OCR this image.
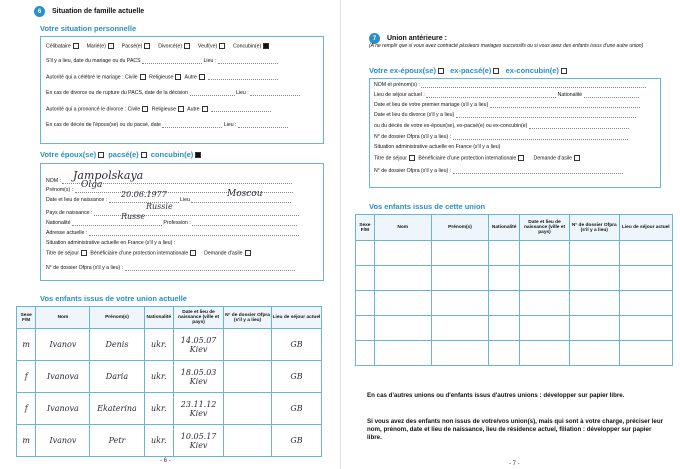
6	Situation de famille actuelle
Votre situation personnelle
Célibataire	Marié(e)	Pacsé(e)	Divorcé(e)	Veuf(ve)	Concubin(e)
S'il y a lieu, date du mariage ou du PACS	Lieu :
Autorité qui a célébré le mariage : Civile Religieuse Autre
En cas de divorce ou de rupture du PACS, date de la décision	Lieu :
Autorité qui a prononcé le divorce : Civile Religieuse Autre
En cas de décès de l'époux(se) ou du pacsé, date	Lieu :
Votre époux(se) pacsé(e) concubin(e)
NOM :
Prénom(s) :
Date et lieu de naissance :	Lieu
Pays de naissance :
Nationalité	Profession :
Adresse actuelle :
Situation administrative actuelle en France (s'il y a lieu) :
Titre de séjour Bénéficiaire d'une protection internationale	Demande d'asile
N° de dossier Ofpra (s'il y a lieu) :
Jampolskaya
Olga
20.06.1977	Moscou
Russie
Russe
Vos enfants issus de votre union actuelle
Sexe F/M	Nom	Prénom(s)	Nationalité	Date et lieu de naissance (ville et pays)	N° de dossier Ofpra (s'il y a lieu)	Lieu de séjour actuel
m	Ivanov	Denis	ukr.	14.05.07 Kiev		GB
f	Ivanova	Daria	ukr.	18.05.03 Kiev		GB
f	Ivanova	Ekaterina	ukr.	23.11.12 Kiev		GB
m	Ivanov	Petr	ukr.	10.05.17 Kiev		GB
- 6 -
7	Union antérieure :
(A ne remplir que si vous avez contracté plusieurs mariages successifs ou si vous avez des enfants issus d'une autre union)
Votre ex-époux(se) ex-pacsé(e) ex-concubin(e)
NOM et prénom(s) :
Lieu de séjour actuel :	Nationalité
Date et lieu de votre premier mariage (s'il y a lieu)
Date et lieu du divorce (s'il y a lieu)
ou du décès de votre ex-époux(se), ex-pacsé(e) ou ex-concubin(e)
N° de dossier Ofpra (s'il y a lieu) :
Situation administrative actuelle en France (s'il y a lieu)
Titre de séjour Bénéficiaire d'une protection internationale	Demande d'asile
N° de dossier Ofpra (s'il y a lieu) :
Vos enfants issus de cette union
Sexe F/M	Nom	Prénom(s)	Nationalité	Date et lieu de naissance (ville et pays)	N° de dossier Ofpra (s'il y a lieu)	Lieu de séjour actuel

En cas d'autres unions ou d'enfants issus d'autres unions : développer sur papier libre.
Si vous avez des enfants non issus de votre/vos union(s), mais qui sont à votre charge, préciser leur nom, prénom, date et lieu de naissance, lieu de résidence actuel, filiation : développer sur papier libre.
- 7 -
